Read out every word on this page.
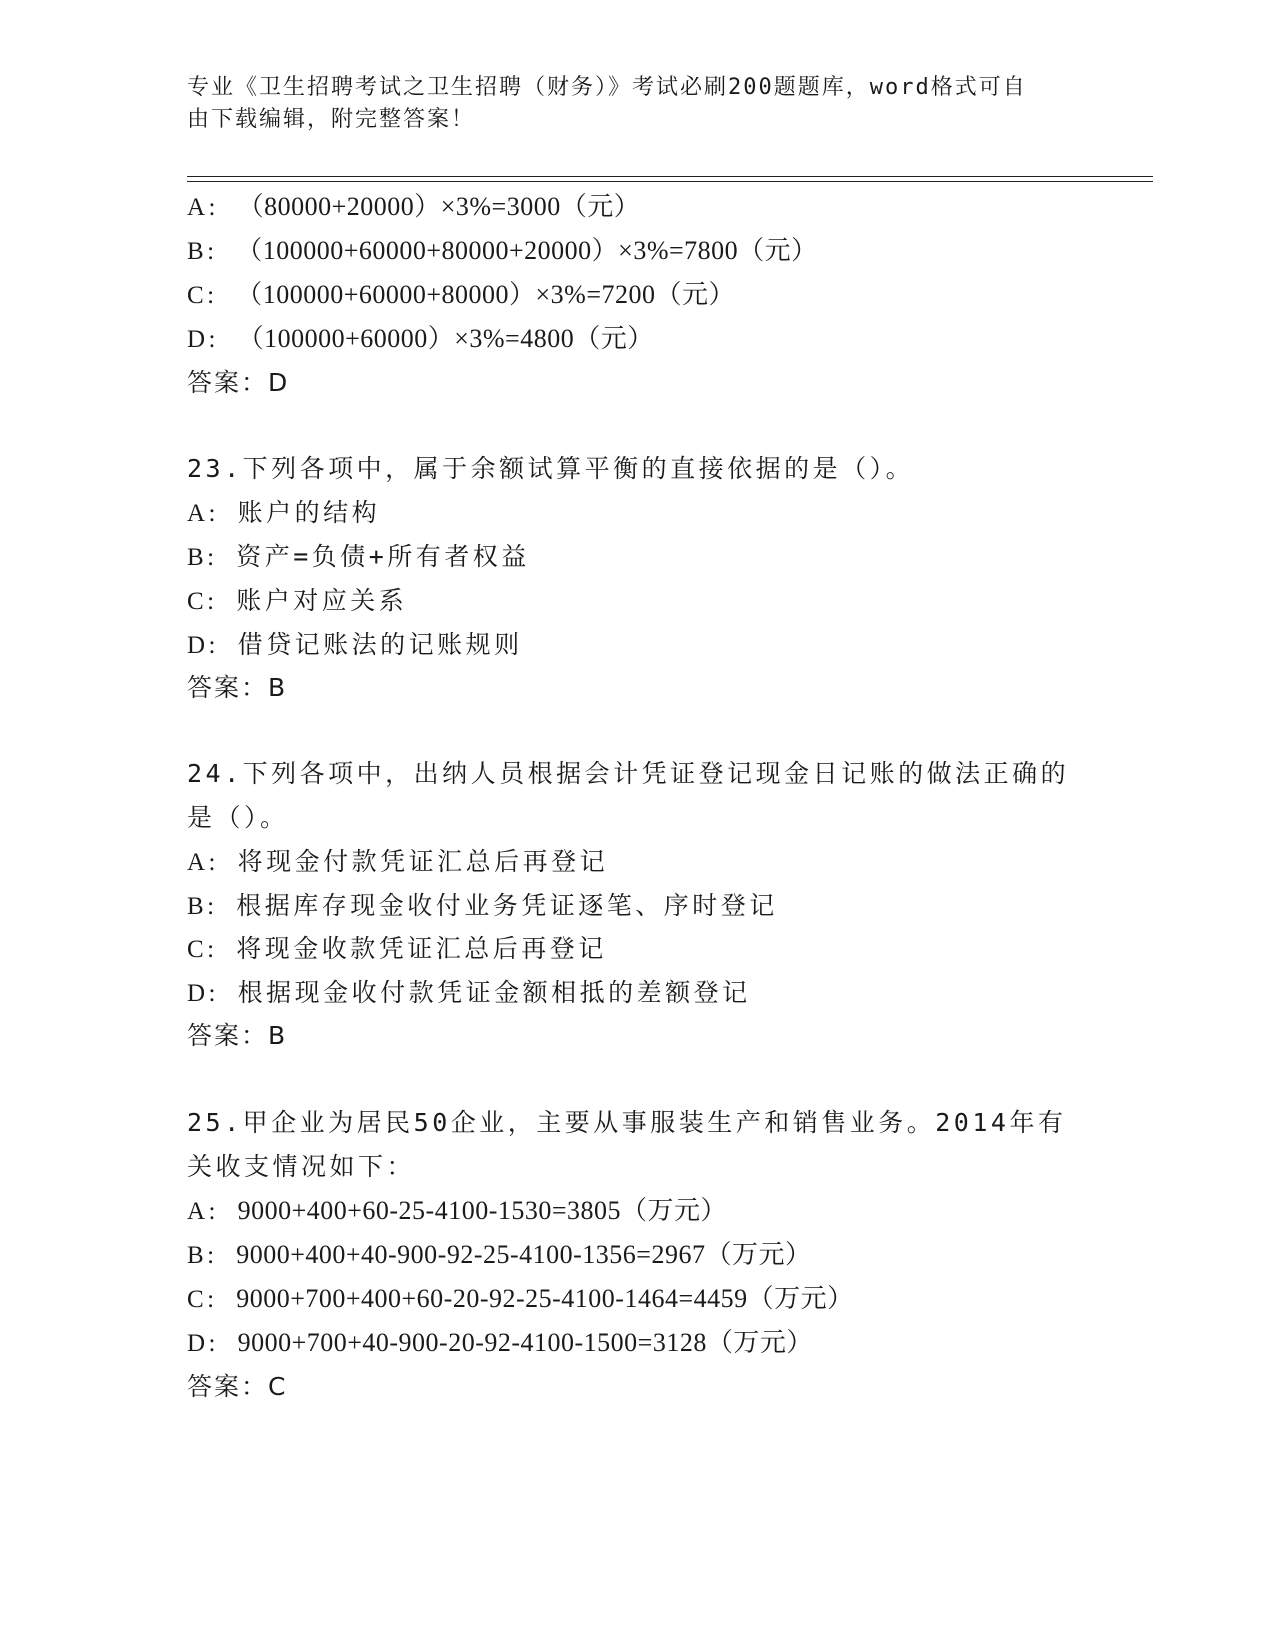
专业《卫生招聘考试之卫生招聘（财务）》考试必刷200题题库，word格式可自
由下载编辑，附完整答案！
A: （80000+20000）×3%=3000（元）
B: （100000+60000+80000+20000）×3%=7800（元）
C: （100000+60000+80000）×3%=7200（元）
D: （100000+60000）×3%=4800（元）
答案：D
23.下列各项中，属于余额试算平衡的直接依据的是（）。
A: 账户的结构
B: 资产=负债+所有者权益
C: 账户对应关系
D: 借贷记账法的记账规则
答案：B
24.下列各项中，出纳人员根据会计凭证登记现金日记账的做法正确的
是（）。
A: 将现金付款凭证汇总后再登记
B: 根据库存现金收付业务凭证逐笔、序时登记
C: 将现金收款凭证汇总后再登记
D: 根据现金收付款凭证金额相抵的差额登记
答案：B
25.甲企业为居民50企业，主要从事服装生产和销售业务。2014年有
关收支情况如下：
A: 9000+400+60-25-4100-1530=3805（万元）
B: 9000+400+40-900-92-25-4100-1356=2967（万元）
C: 9000+700+400+60-20-92-25-4100-1464=4459（万元）
D: 9000+700+40-900-20-92-4100-1500=3128（万元）
答案：C
